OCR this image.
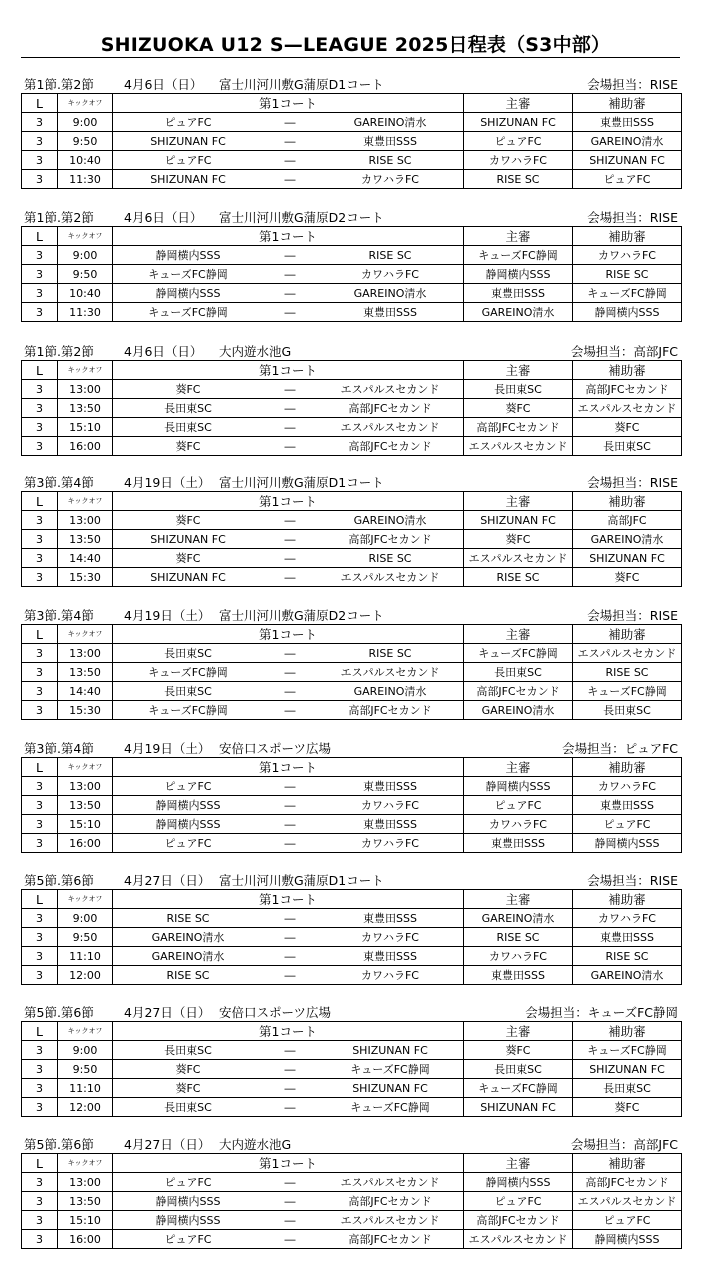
SHIZUOKA U12 S—LEAGUE 2025日程表（S3中部）
第1節.第2節 4月6日（日） 富士川河川敷G蒲原D1コート	会場担当：RISE
L	キックオフ	第1コート	主審	補助審
3	9:00	ピュアFC ― GAREINO清水	SHIZUNAN FC	東豊田SSS
3	9:50	SHIZUNAN FC ― 東豊田SSS	ピュアFC	GAREINO清水
3	10:40	ピュアFC ― RISE SC	カワハラFC	SHIZUNAN FC
3	11:30	SHIZUNAN FC ― カワハラFC	RISE SC	ピュアFC
第1節.第2節 4月6日（日） 富士川河川敷G蒲原D2コート	会場担当：RISE
L	キックオフ	第1コート	主審	補助審
3	9:00	静岡横内SSS ― RISE SC	キューズFC静岡	カワハラFC
3	9:50	キューズFC静岡 ― カワハラFC	静岡横内SSS	RISE SC
3	10:40	静岡横内SSS ― GAREINO清水	東豊田SSS	キューズFC静岡
3	11:30	キューズFC静岡 ― 東豊田SSS	GAREINO清水	静岡横内SSS
第1節.第2節 4月6日（日） 大内遊水池G	会場担当：高部JFC
L	キックオフ	第1コート	主審	補助審
3	13:00	葵FC ― エスパルスセカンド	長田東SC	高部JFCセカンド
3	13:50	長田東SC ― 高部JFCセカンド	葵FC	エスパルスセカンド
3	15:10	長田東SC ― エスパルスセカンド	高部JFCセカンド	葵FC
3	16:00	葵FC ― 高部JFCセカンド	エスパルスセカンド	長田東SC
第3節.第4節 4月19日（土） 富士川河川敷G蒲原D1コート	会場担当：RISE
L	キックオフ	第1コート	主審	補助審
3	13:00	葵FC ― GAREINO清水	SHIZUNAN FC	高部JFC
3	13:50	SHIZUNAN FC ― 高部JFCセカンド	葵FC	GAREINO清水
3	14:40	葵FC ― RISE SC	エスパルスセカンド	SHIZUNAN FC
3	15:30	SHIZUNAN FC ― エスパルスセカンド	RISE SC	葵FC
第3節.第4節 4月19日（土） 富士川河川敷G蒲原D2コート	会場担当：RISE
L	キックオフ	第1コート	主審	補助審
3	13:00	長田東SC ― RISE SC	キューズFC静岡	エスパルスセカンド
3	13:50	キューズFC静岡 ― エスパルスセカンド	長田東SC	RISE SC
3	14:40	長田東SC ― GAREINO清水	高部JFCセカンド	キューズFC静岡
3	15:30	キューズFC静岡 ― 高部JFCセカンド	GAREINO清水	長田東SC
第3節.第4節 4月19日（土） 安倍口スポーツ広場	会場担当：ピュアFC
L	キックオフ	第1コート	主審	補助審
3	13:00	ピュアFC ― 東豊田SSS	静岡横内SSS	カワハラFC
3	13:50	静岡横内SSS ― カワハラFC	ピュアFC	東豊田SSS
3	15:10	静岡横内SSS ― 東豊田SSS	カワハラFC	ピュアFC
3	16:00	ピュアFC ― カワハラFC	東豊田SSS	静岡横内SSS
第5節.第6節 4月27日（日） 富士川河川敷G蒲原D1コート	会場担当：RISE
L	キックオフ	第1コート	主審	補助審
3	9:00	RISE SC ― 東豊田SSS	GAREINO清水	カワハラFC
3	9:50	GAREINO清水 ― カワハラFC	RISE SC	東豊田SSS
3	11:10	GAREINO清水 ― 東豊田SSS	カワハラFC	RISE SC
3	12:00	RISE SC ― カワハラFC	東豊田SSS	GAREINO清水
第5節.第6節 4月27日（日） 安倍口スポーツ広場	会場担当：キューズFC静岡
L	キックオフ	第1コート	主審	補助審
3	9:00	長田東SC ― SHIZUNAN FC	葵FC	キューズFC静岡
3	9:50	葵FC ― キューズFC静岡	長田東SC	SHIZUNAN FC
3	11:10	葵FC ― SHIZUNAN FC	キューズFC静岡	長田東SC
3	12:00	長田東SC ― キューズFC静岡	SHIZUNAN FC	葵FC
第5節.第6節 4月27日（日） 大内遊水池G	会場担当：高部JFC
L	キックオフ	第1コート	主審	補助審
3	13:00	ピュアFC ― エスパルスセカンド	静岡横内SSS	高部JFCセカンド
3	13:50	静岡横内SSS ― 高部JFCセカンド	ピュアFC	エスパルスセカンド
3	15:10	静岡横内SSS ― エスパルスセカンド	高部JFCセカンド	ピュアFC
3	16:00	ピュアFC ― 高部JFCセカンド	エスパルスセカンド	静岡横内SSS
